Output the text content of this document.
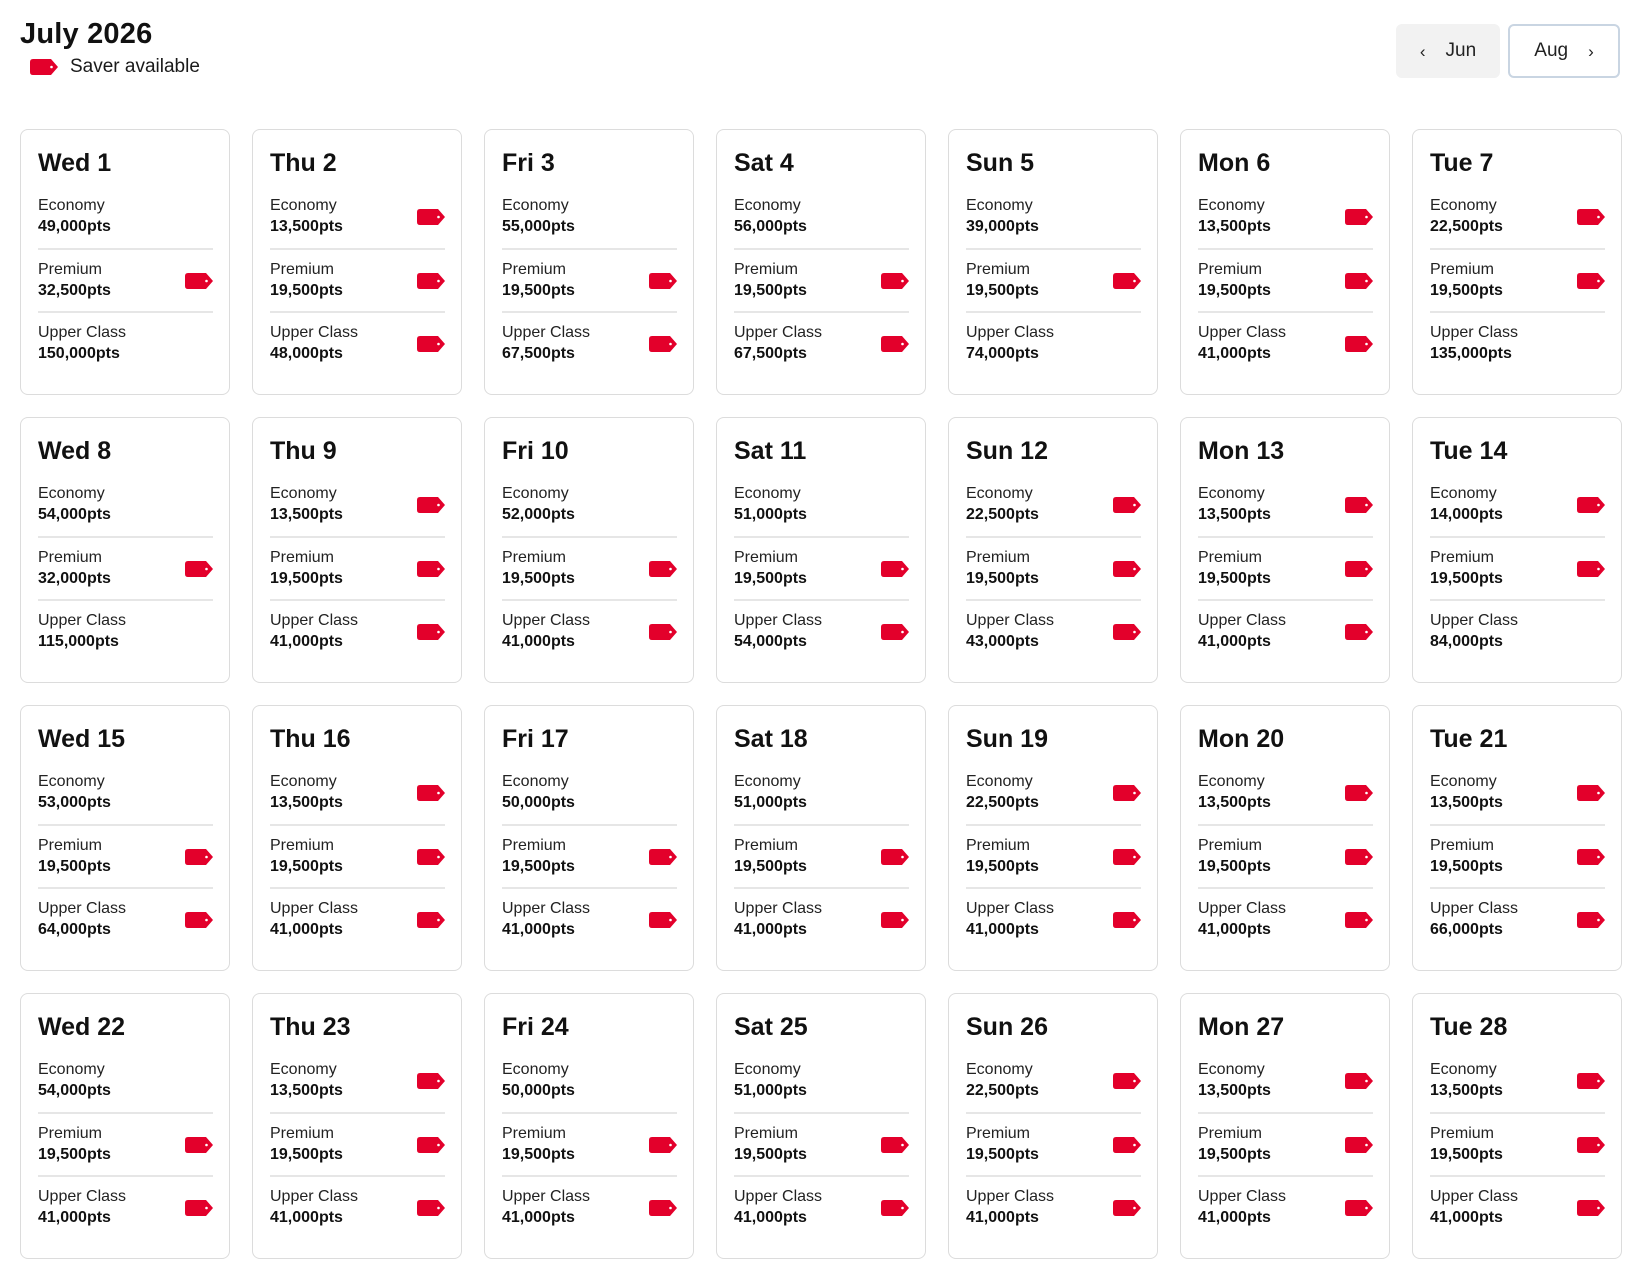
July 2026
Saver available
‹ Jun	Aug ›
Wed 1
Economy
49,000pts
Premium
32,500pts
Upper Class
150,000pts
Thu 2
Economy
13,500pts
Premium
19,500pts
Upper Class
48,000pts
Fri 3
Economy
55,000pts
Premium
19,500pts
Upper Class
67,500pts
Sat 4
Economy
56,000pts
Premium
19,500pts
Upper Class
67,500pts
Sun 5
Economy
39,000pts
Premium
19,500pts
Upper Class
74,000pts
Mon 6
Economy
13,500pts
Premium
19,500pts
Upper Class
41,000pts
Tue 7
Economy
22,500pts
Premium
19,500pts
Upper Class
135,000pts
Wed 8
Economy
54,000pts
Premium
32,000pts
Upper Class
115,000pts
Thu 9
Economy
13,500pts
Premium
19,500pts
Upper Class
41,000pts
Fri 10
Economy
52,000pts
Premium
19,500pts
Upper Class
41,000pts
Sat 11
Economy
51,000pts
Premium
19,500pts
Upper Class
54,000pts
Sun 12
Economy
22,500pts
Premium
19,500pts
Upper Class
43,000pts
Mon 13
Economy
13,500pts
Premium
19,500pts
Upper Class
41,000pts
Tue 14
Economy
14,000pts
Premium
19,500pts
Upper Class
84,000pts
Wed 15
Economy
53,000pts
Premium
19,500pts
Upper Class
64,000pts
Thu 16
Economy
13,500pts
Premium
19,500pts
Upper Class
41,000pts
Fri 17
Economy
50,000pts
Premium
19,500pts
Upper Class
41,000pts
Sat 18
Economy
51,000pts
Premium
19,500pts
Upper Class
41,000pts
Sun 19
Economy
22,500pts
Premium
19,500pts
Upper Class
41,000pts
Mon 20
Economy
13,500pts
Premium
19,500pts
Upper Class
41,000pts
Tue 21
Economy
13,500pts
Premium
19,500pts
Upper Class
66,000pts
Wed 22
Economy
54,000pts
Premium
19,500pts
Upper Class
41,000pts
Thu 23
Economy
13,500pts
Premium
19,500pts
Upper Class
41,000pts
Fri 24
Economy
50,000pts
Premium
19,500pts
Upper Class
41,000pts
Sat 25
Economy
51,000pts
Premium
19,500pts
Upper Class
41,000pts
Sun 26
Economy
22,500pts
Premium
19,500pts
Upper Class
41,000pts
Mon 27
Economy
13,500pts
Premium
19,500pts
Upper Class
41,000pts
Tue 28
Economy
13,500pts
Premium
19,500pts
Upper Class
41,000pts
